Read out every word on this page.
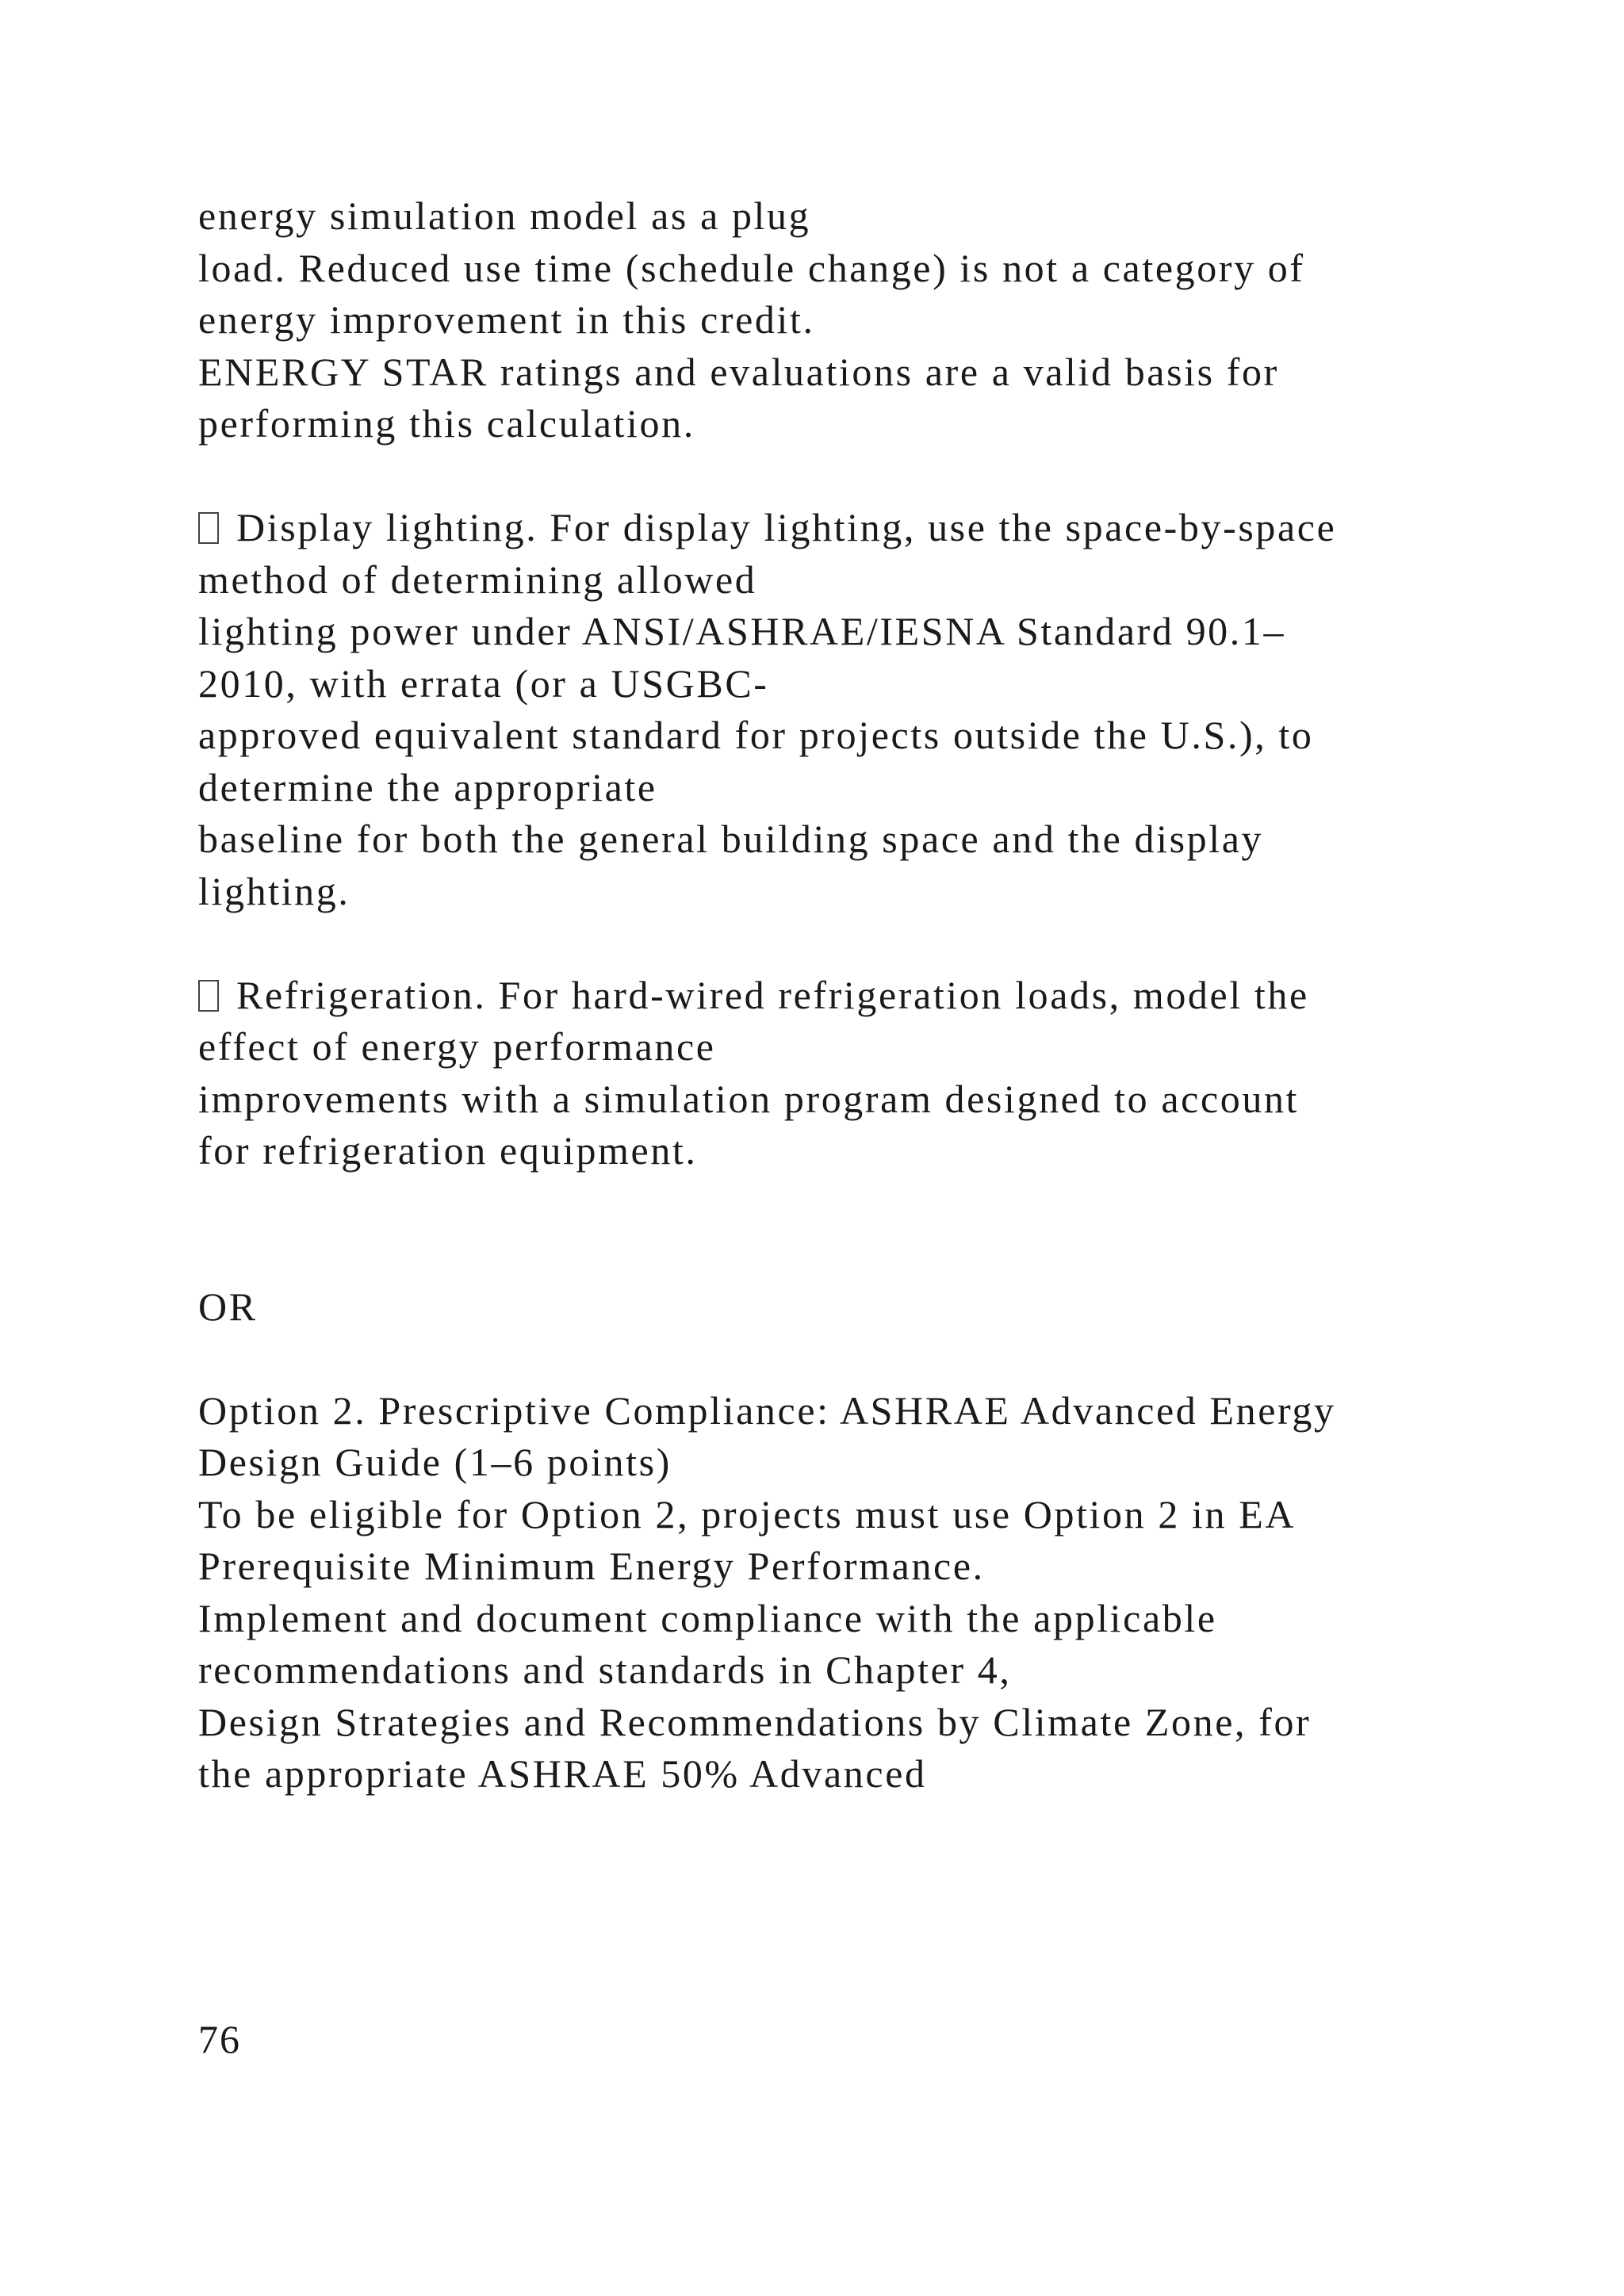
energy simulation model as a plug
load. Reduced use time (schedule change) is not a category of
energy improvement in this credit.
ENERGY STAR ratings and evaluations are a valid basis for
performing this calculation.
Display lighting. For display lighting, use the space-by-space
method of determining allowed
lighting power under ANSI/ASHRAE/IESNA Standard 90.1–
2010, with errata (or a USGBC-
approved equivalent standard for projects outside the U.S.), to
determine the appropriate
baseline for both the general building space and the display
lighting.
Refrigeration. For hard-wired refrigeration loads, model the
effect of energy performance
improvements with a simulation program designed to account
for refrigeration equipment.
OR
Option 2. Prescriptive Compliance: ASHRAE Advanced Energy
Design Guide (1–6 points)
To be eligible for Option 2, projects must use Option 2 in EA
Prerequisite Minimum Energy Performance.
Implement and document compliance with the applicable
recommendations and standards in Chapter 4,
Design Strategies and Recommendations by Climate Zone, for
the appropriate ASHRAE 50% Advanced
76
